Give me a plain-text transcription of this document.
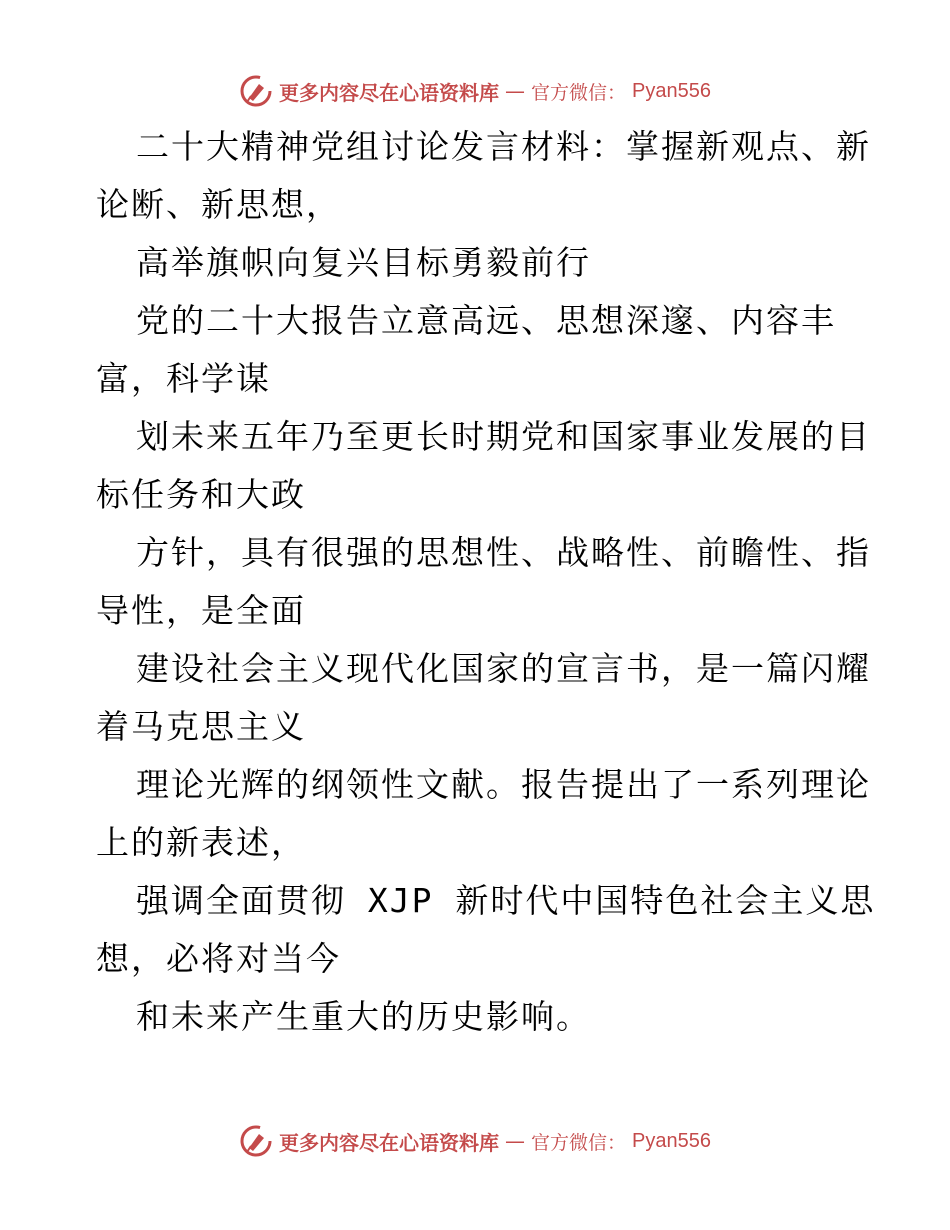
更多内容尽在心语资料库 — 官方微信： Pyan556
二十大精神党组讨论发言材料：掌握新观点、新
论断、新思想，
高举旗帜向复兴目标勇毅前行
党的二十大报告立意高远、思想深邃、内容丰
富，科学谋
划未来五年乃至更长时期党和国家事业发展的目
标任务和大政
方针，具有很强的思想性、战略性、前瞻性、指
导性，是全面
建设社会主义现代化国家的宣言书，是一篇闪耀
着马克思主义
理论光辉的纲领性文献。报告提出了一系列理论
上的新表述，
强调全面贯彻 XJP 新时代中国特色社会主义思
想，必将对当今
和未来产生重大的历史影响。
更多内容尽在心语资料库 — 官方微信： Pyan556
